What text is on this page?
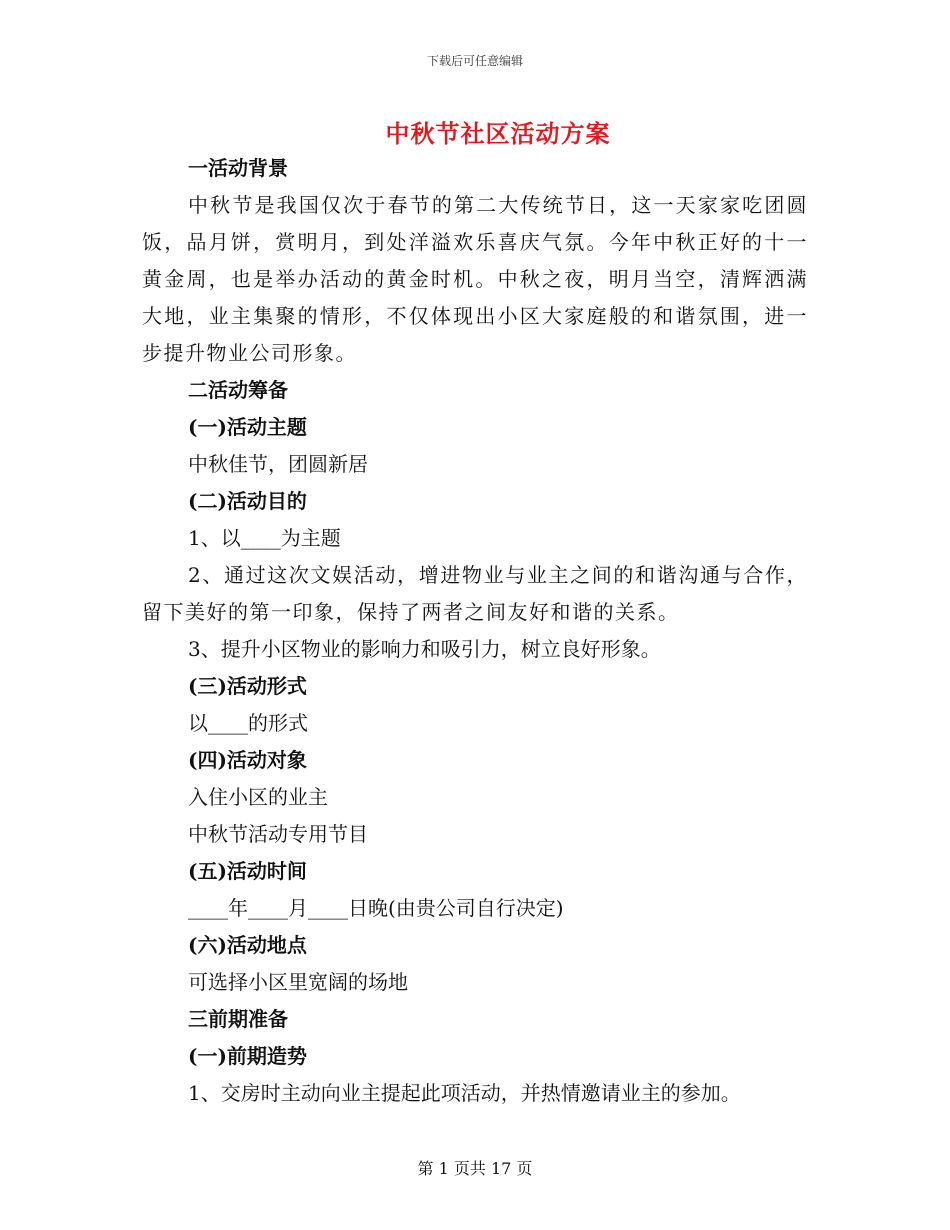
下载后可任意编辑
中秋节社区活动方案
一活动背景
中秋节是我国仅次于春节的第二大传统节日，这一天家家吃团圆饭，品月饼，赏明月，到处洋溢欢乐喜庆气氛。今年中秋正好的十一黄金周，也是举办活动的黄金时机。中秋之夜，明月当空，清辉洒满大地，业主集聚的情形，不仅体现出小区大家庭般的和谐氛围，进一步提升物业公司形象。
二活动筹备
(一)活动主题
中秋佳节，团圆新居
(二)活动目的
1、以____为主题
2、通过这次文娱活动，增进物业与业主之间的和谐沟通与合作，留下美好的第一印象，保持了两者之间友好和谐的关系。
3、提升小区物业的影响力和吸引力，树立良好形象。
(三)活动形式
以____的形式
(四)活动对象
入住小区的业主
中秋节活动专用节目
(五)活动时间
____年____月____日晚(由贵公司自行决定)
(六)活动地点
可选择小区里宽阔的场地
三前期准备
(一)前期造势
1、交房时主动向业主提起此项活动，并热情邀请业主的参加。
第 1 页共 17 页
